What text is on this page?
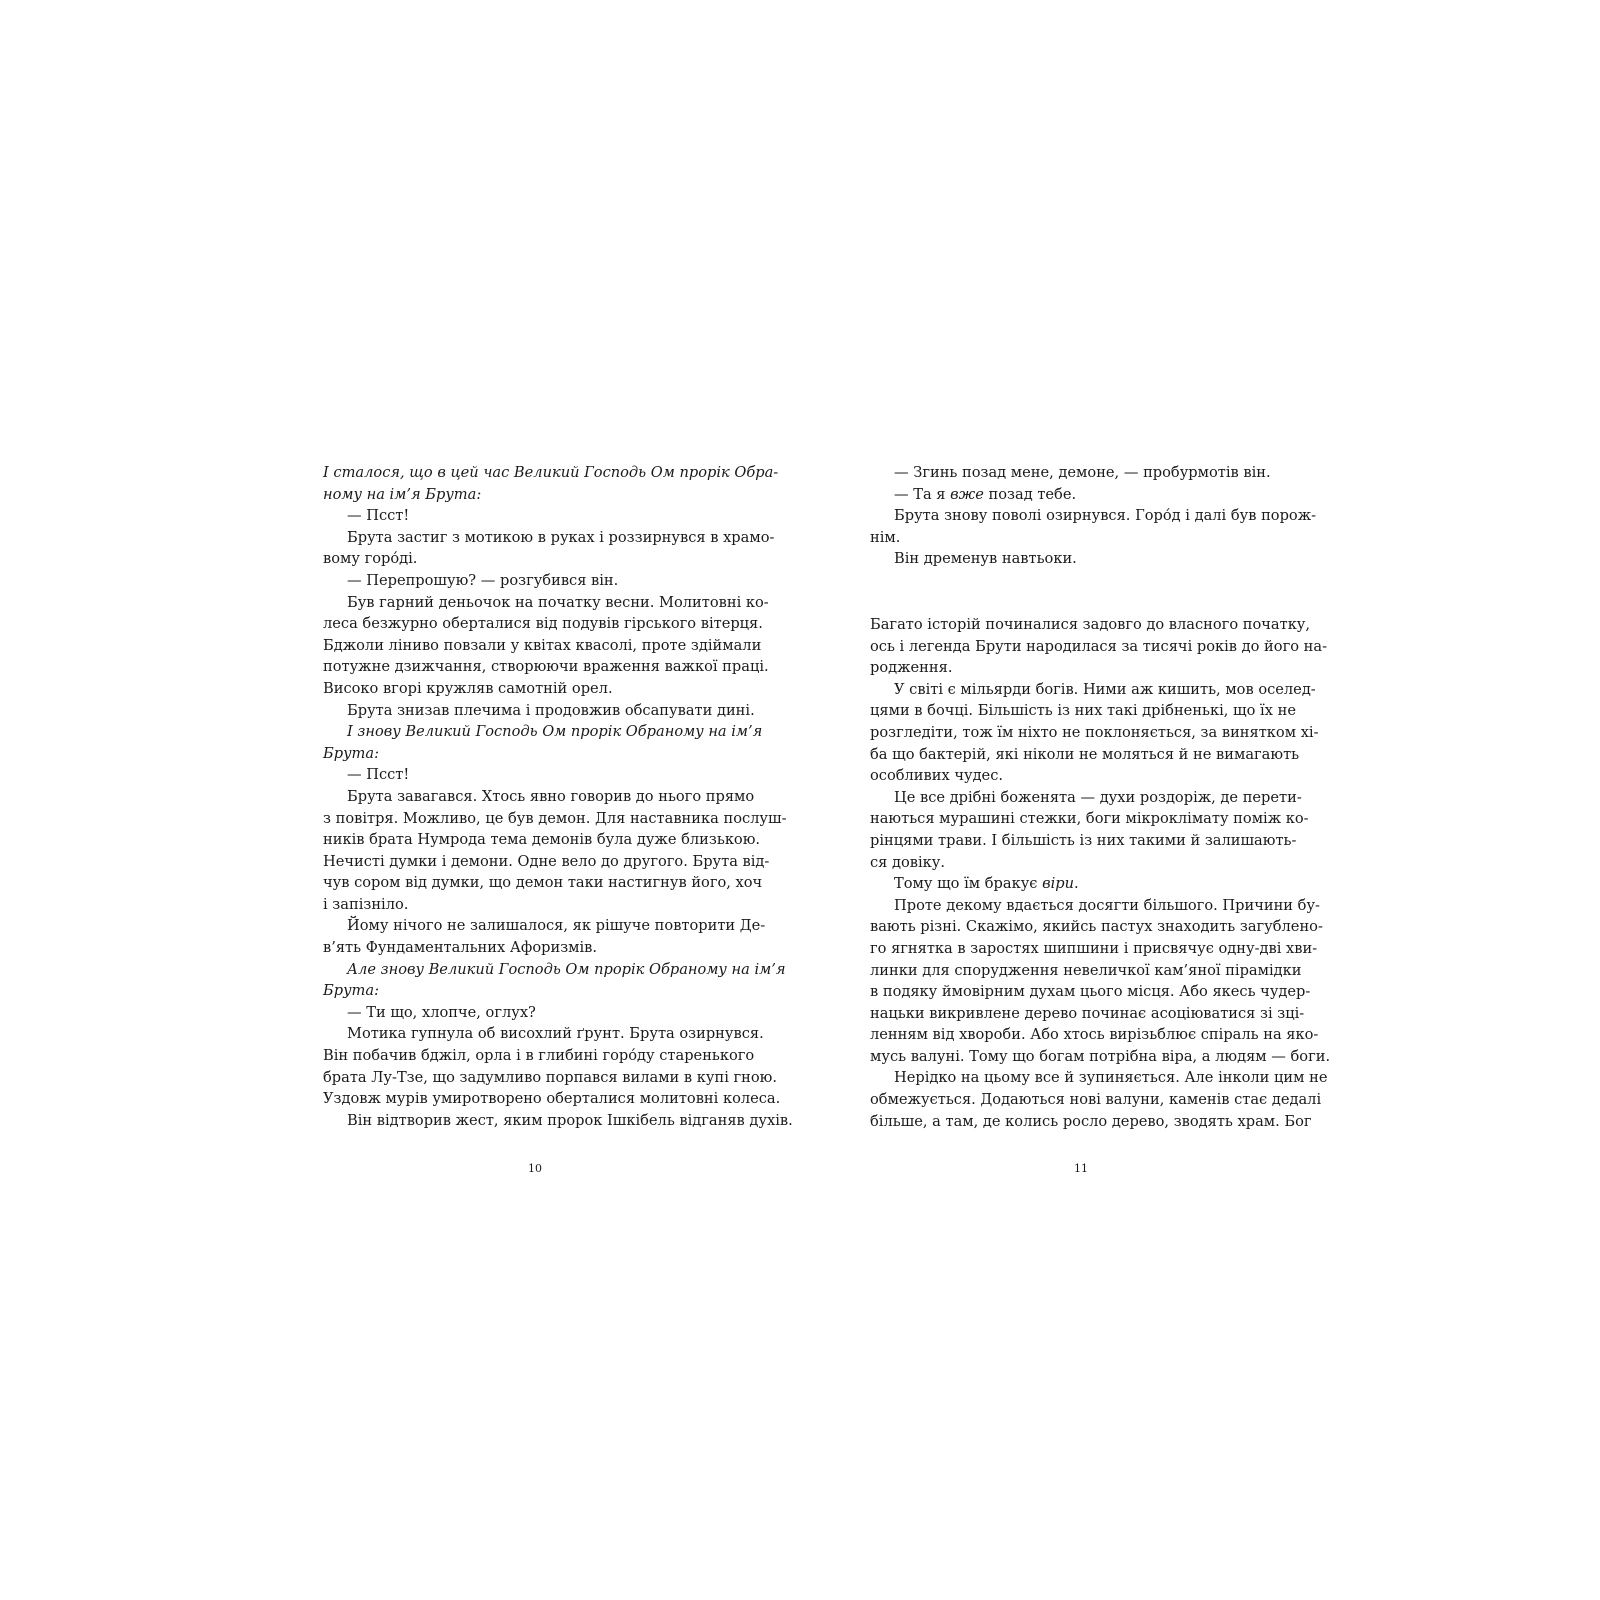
І сталося, що в цей час Великий Господь Ом прорік Обра-
ному на ім’я Брута:
— Псст!
Брута застиг з мотикою в руках і роззирнувся в храмо-
вому горо́ді.
— Перепрошую? — розгубився він.
Був гарний деньочок на початку весни. Молитовні ко-
леса безжурно оберталися від подувів гірського вітерця.
Бджоли ліниво повзали у квітах квасолі, проте здіймали
потужне дзижчання, створюючи враження важкої праці.
Високо вгорі кружляв самотній орел.
Брута знизав плечима і продовжив обсапувати дині.
І знову Великий Господь Ом прорік Обраному на ім’я
Брута:
— Псст!
Брута завагався. Хтось явно говорив до нього прямо
з повітря. Можливо, це був демон. Для наставника послуш-
ників брата Нумрода тема демонів була дуже близькою.
Нечисті думки і демони. Одне вело до другого. Брута від-
чув сором від думки, що демон таки настигнув його, хоч
і запізніло.
Йому нічого не залишалося, як рішуче повторити Де-
в’ять Фундаментальних Афоризмів.
Але знову Великий Господь Ом прорік Обраному на ім’я
Брута:
— Ти що, хлопче, оглух?
Мотика гупнула об висохлий ґрунт. Брута озирнувся.
Він побачив бджіл, орла і в глибині горо́ду старенького
брата Лу-Тзе, що задумливо порпався вилами в купі гною.
Уздовж мурів умиротворено оберталися молитовні колеса.
Він відтворив жест, яким пророк Ішкібель відганяв духів.
— Згинь позад мене, демоне, — пробурмотів він.
— Та я вже позад тебе.
Брута знову поволі озирнувся. Горо́д і далі був порож-
нім.
Він дременув навтьоки.
Багато історій починалися задовго до власного початку,
ось і легенда Брути народилася за тисячі років до його на-
родження.
У світі є мільярди богів. Ними аж кишить, мов оселед-
цями в бочці. Більшість із них такі дрібненькі, що їх не
розгледіти, тож їм ніхто не поклоняється, за винятком хі-
ба що бактерій, які ніколи не моляться й не вимагають
особливих чудес.
Це все дрібні боженята — духи роздоріж, де перети-
наються мурашині стежки, боги мікроклімату поміж ко-
рінцями трави. І більшість із них такими й залишають-
ся довіку.
Тому що їм бракує віри.
Проте декому вдається досягти більшого. Причини бу-
вають різні. Скажімо, якийсь пастух знаходить загублено-
го ягнятка в заростях шипшини і присвячує одну-дві хви-
линки для спорудження невеличкої кам’яної пірамідки
в подяку ймовірним духам цього місця. Або якесь чудер-
нацьки викривлене дерево починає асоціюватися зі зці-
ленням від хвороби. Або хтось вирізьблює спіраль на яко-
мусь валуні. Тому що богам потрібна віра, а людям — боги.
Нерідко на цьому все й зупиняється. Але інколи цим не
обмежується. Додаються нові валуни, каменів стає дедалі
більше, а там, де колись росло дерево, зводять храм. Бог
10	11
